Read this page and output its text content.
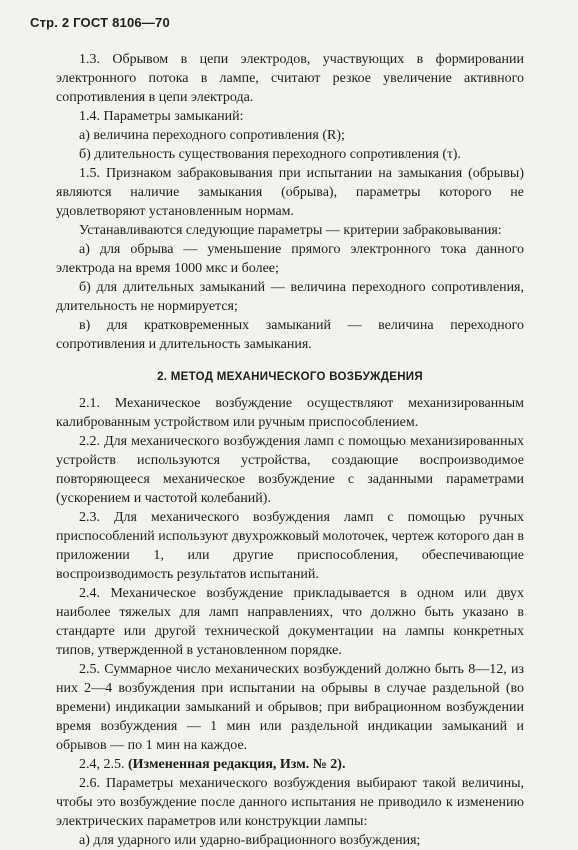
Стр. 2 ГОСТ 8106—70

1.3. Обрывом в цепи электродов, участвующих в формировании электронного потока в лампе, считают резкое увеличение активного сопротивления в цепи электрода.

1.4. Параметры замыканий:

а) величина переходного сопротивления (R);

б) длительность существования переходного сопротивления (τ).

1.5. Признаком забраковывания при испытании на замыкания (обрывы) являются наличие замыкания (обрыва), параметры которого не удовлетворяют установленным нормам.

Устанавливаются следующие параметры — критерии забраковывания:

а) для обрыва — уменьшение прямого электронного тока данного электрода на время 1000 мкс и более;

б) для длительных замыканий — величина переходного сопротивления, длительность не нормируется;

в) для кратковременных замыканий — величина переходного сопротивления и длительность замыкания.

2. МЕТОД МЕХАНИЧЕСКОГО ВОЗБУЖДЕНИЯ

2.1. Механическое возбуждение осуществляют механизированным калиброванным устройством или ручным приспособлением.

2.2. Для механического возбуждения ламп с помощью механизированных устройств используются устройства, создающие воспроизводимое повторяющееся механическое возбуждение с заданными параметрами (ускорением и частотой колебаний).

2.3. Для механического возбуждения ламп с помощью ручных приспособлений используют двухрожковый молоточек, чертеж которого дан в приложении 1, или другие приспособления, обеспечивающие воспроизводимость результатов испытаний.

2.4. Механическое возбуждение прикладывается в одном или двух наиболее тяжелых для ламп направлениях, что должно быть указано в стандарте или другой технической документации на лампы конкретных типов, утвержденной в установленном порядке.

2.5. Суммарное число механических возбуждений должно быть 8—12, из них 2—4 возбуждения при испытании на обрывы в случае раздельной (во времени) индикации замыканий и обрывов; при вибрационном возбуждении время возбуждения — 1 мин или раздельной индикации замыканий и обрывов — по 1 мин на каждое.

2.4, 2.5. (Измененная редакция, Изм. № 2).

2.6. Параметры механического возбуждения выбирают такой величины, чтобы это возбуждение после данного испытания не приводило к изменению электрических параметров или конструкции лампы:

а) для ударного или ударно-вибрационного возбуждения;
